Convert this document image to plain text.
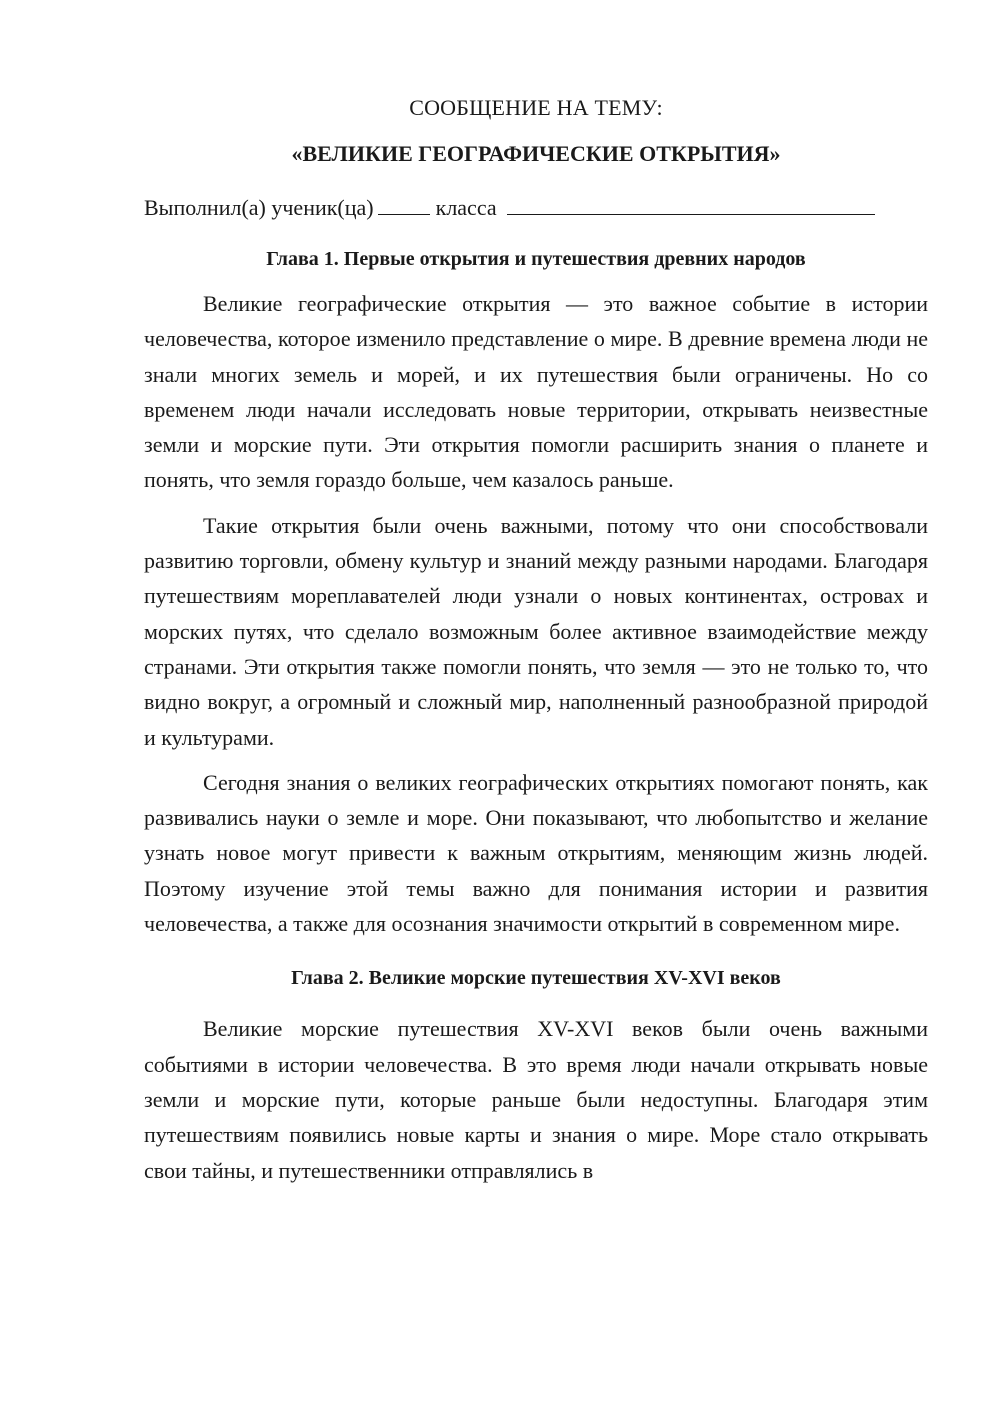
СООБЩЕНИЕ НА ТЕМУ:

«ВЕЛИКИЕ ГЕОГРАФИЧЕСКИЕ ОТКРЫТИЯ»

Выполнил(а) ученик(ца)	класса

Глава 1. Первые открытия и путешествия древних народов

Великие географические открытия — это важное событие в истории человечества, которое изменило представление о мире. В древние времена люди не знали многих земель и морей, и их путешествия были ограничены. Но со временем люди начали исследовать новые территории, открывать неизвестные земли и морские пути. Эти открытия помогли расширить знания о планете и понять, что земля гораздо больше, чем казалось раньше.

Такие открытия были очень важными, потому что они способствовали развитию торговли, обмену культур и знаний между разными народами. Благодаря путешествиям мореплавателей люди узнали о новых континентах, островах и морских путях, что сделало возможным более активное взаимодействие между странами. Эти открытия также помогли понять, что земля — это не только то, что видно вокруг, а огромный и сложный мир, наполненный разнообразной природой и культурами.

Сегодня знания о великих географических открытиях помогают понять, как развивались науки о земле и море. Они показывают, что любопытство и желание узнать новое могут привести к важным открытиям, меняющим жизнь людей. Поэтому изучение этой темы важно для понимания истории и развития человечества, а также для осознания значимости открытий в современном мире.

Глава 2. Великие морские путешествия XV-XVI веков

Великие морские путешествия XV-XVI веков были очень важными событиями в истории человечества. В это время люди начали открывать новые земли и морские пути, которые раньше были недоступны. Благодаря этим путешествиям появились новые карты и знания о мире. Море стало открывать свои тайны, и путешественники отправлялись в
